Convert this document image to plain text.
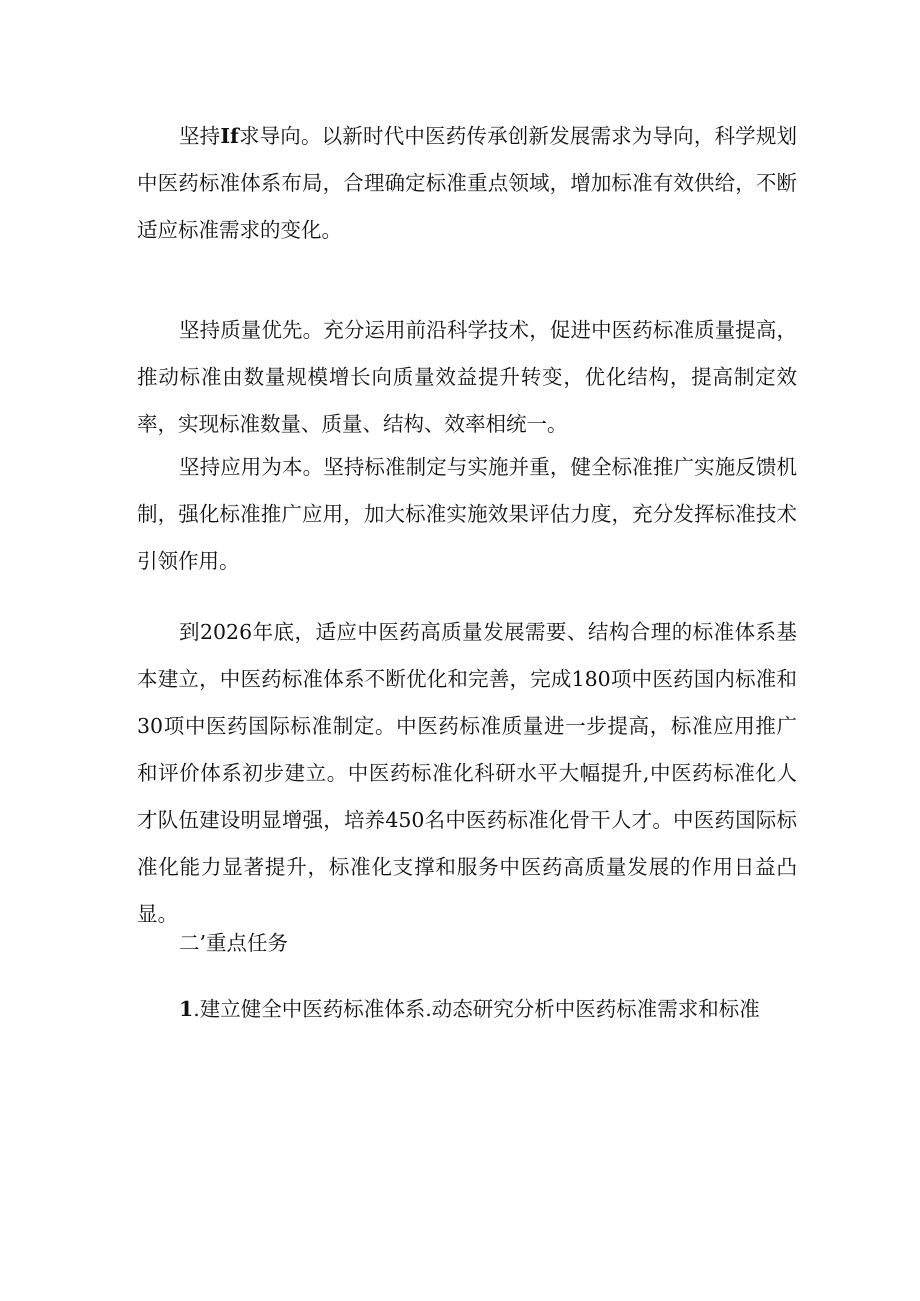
坚持If求导向。以新时代中医药传承创新发展需求为导向，科学规划中医药标准体系布局，合理确定标准重点领域，增加标准有效供给，不断适应标准需求的变化。

坚持质量优先。充分运用前沿科学技术，促进中医药标准质量提高，推动标准由数量规模增长向质量效益提升转变，优化结构，提高制定效率，实现标准数量、质量、结构、效率相统一。

坚持应用为本。坚持标准制定与实施并重，健全标准推广实施反馈机制，强化标准推广应用，加大标准实施效果评估力度，充分发挥标准技术引领作用。

到2026年底，适应中医药高质量发展需要、结构合理的标准体系基本建立，中医药标准体系不断优化和完善，完成180项中医药国内标准和30项中医药国际标准制定。中医药标准质量进一步提高，标准应用推广和评价体系初步建立。中医药标准化科研水平大幅提升,中医药标准化人才队伍建设明显增强，培养450名中医药标准化骨干人才。中医药国际标准化能力显著提升，标准化支撑和服务中医药高质量发展的作用日益凸显。

二’重点任务

1.建立健全中医药标准体系.动态研究分析中医药标准需求和标准
